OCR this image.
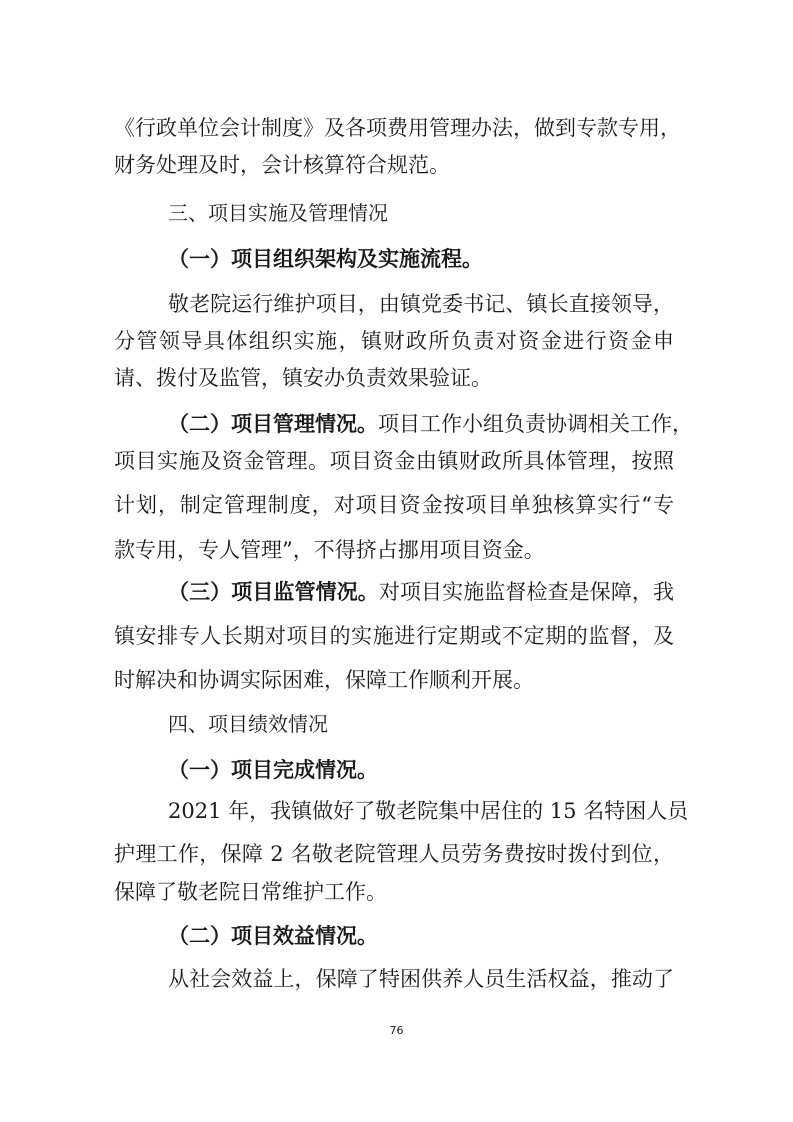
《行政单位会计制度》及各项费用管理办法，做到专款专用，

财务处理及时，会计核算符合规范。

三、项目实施及管理情况

（一）项目组织架构及实施流程。

敬老院运行维护项目，由镇党委书记、镇长直接领导，

分管领导具体组织实施，镇财政所负责对资金进行资金申

请、拨付及监管，镇安办负责效果验证。

（二）项目管理情况。项目工作小组负责协调相关工作，

项目实施及资金管理。项目资金由镇财政所具体管理，按照

计划，制定管理制度，对项目资金按项目单独核算实行“专

款专用，专人管理”，不得挤占挪用项目资金。

（三）项目监管情况。对项目实施监督检查是保障，我

镇安排专人长期对项目的实施进行定期或不定期的监督，及

时解决和协调实际困难，保障工作顺利开展。

四、项目绩效情况

（一）项目完成情况。

2021 年，我镇做好了敬老院集中居住的 15 名特困人员

护理工作，保障 2 名敬老院管理人员劳务费按时拨付到位，

保障了敬老院日常维护工作。

（二）项目效益情况。

从社会效益上，保障了特困供养人员生活权益，推动了

76
